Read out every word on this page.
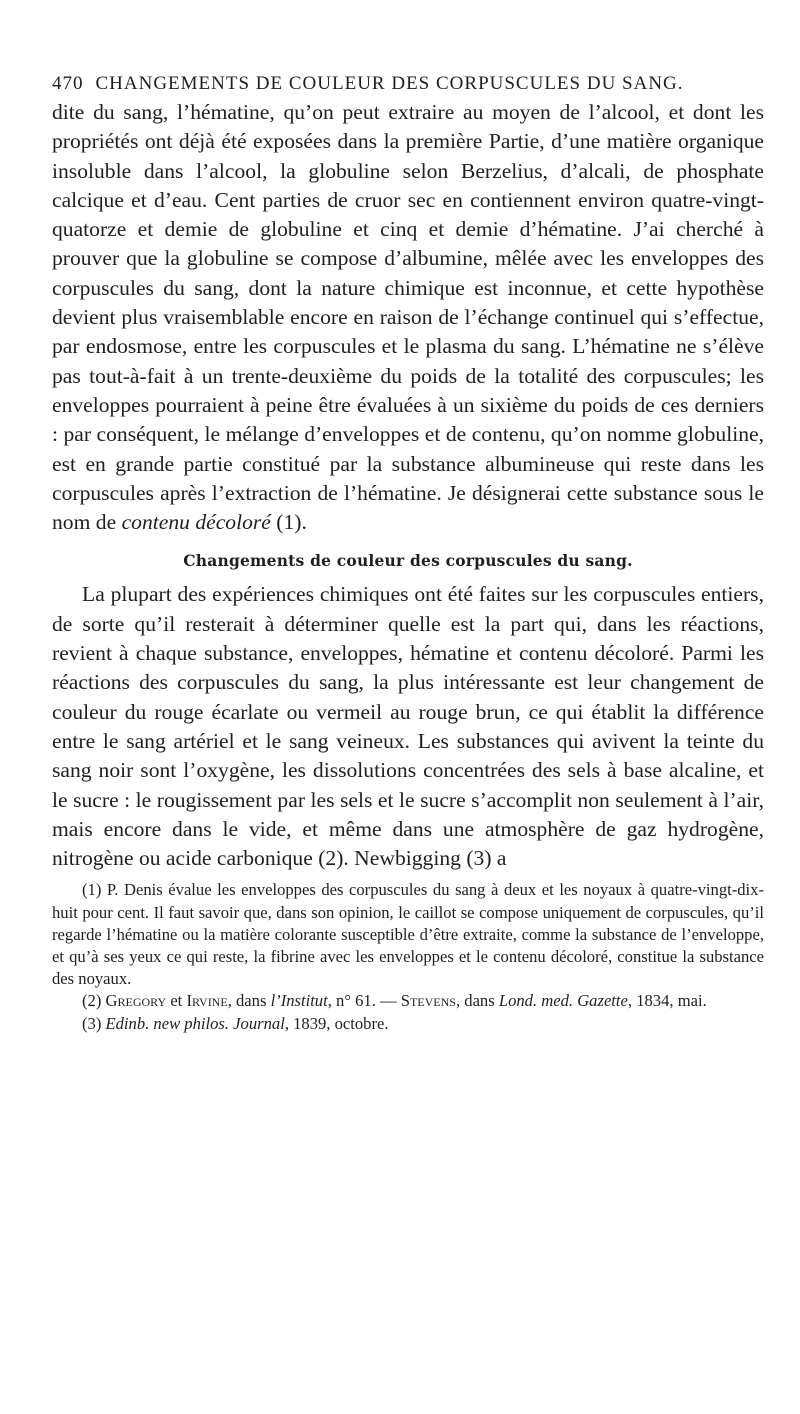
470 CHANGEMENTS DE COULEUR DES CORPUSCULES DU SANG.

dite du sang, l’hématine, qu’on peut extraire au moyen de l’alcool, et dont les propriétés ont déjà été exposées dans la première Partie, d’une matière organique insoluble dans l’alcool, la globuline selon Berzelius, d’alcali, de phosphate calcique et d’eau. Cent parties de cruor sec en contiennent environ quatre-vingt-quatorze et demie de globuline et cinq et demie d’hématine. J’ai cherché à prouver que la globuline se compose d’albumine, mêlée avec les enveloppes des corpuscules du sang, dont la nature chimique est inconnue, et cette hypothèse devient plus vraisemblable encore en raison de l’échange continuel qui s’effectue, par endosmose, entre les corpuscules et le plasma du sang. L’hématine ne s’élève pas tout-à-fait à un trente-deuxième du poids de la totalité des corpuscules; les enveloppes pourraient à peine être évaluées à un sixième du poids de ces derniers : par conséquent, le mélange d’enveloppes et de contenu, qu’on nomme globuline, est en grande partie constitué par la substance albumineuse qui reste dans les corpuscules après l’extraction de l’hématine. Je désignerai cette substance sous le nom de contenu décoloré (1).

Changements de couleur des corpuscules du sang.

La plupart des expériences chimiques ont été faites sur les corpuscules entiers, de sorte qu’il resterait à déterminer quelle est la part qui, dans les réactions, revient à chaque substance, enveloppes, hématine et contenu décoloré. Parmi les réactions des corpuscules du sang, la plus intéressante est leur changement de couleur du rouge écarlate ou vermeil au rouge brun, ce qui établit la différence entre le sang artériel et le sang veineux. Les substances qui avivent la teinte du sang noir sont l’oxygène, les dissolutions concentrées des sels à base alcaline, et le sucre : le rougissement par les sels et le sucre s’accomplit non seulement à l’air, mais encore dans le vide, et même dans une atmosphère de gaz hydrogène, nitrogène ou acide carbonique (2). Newbigging (3) a

(1) P. Denis évalue les enveloppes des corpuscules du sang à deux et les noyaux à quatre-vingt-dix-huit pour cent. Il faut savoir que, dans son opinion, le caillot se compose uniquement de corpuscules, qu’il regarde l’hématine ou la matière colorante susceptible d’être extraite, comme la substance de l’enveloppe, et qu’à ses yeux ce qui reste, la fibrine avec les enveloppes et le contenu décoloré, constitue la substance des noyaux.

(2) Gregory et Irvine, dans l’Institut, n° 61. — Stevens, dans Lond. med. Gazette, 1834, mai.

(3) Edinb. new philos. Journal, 1839, octobre.
